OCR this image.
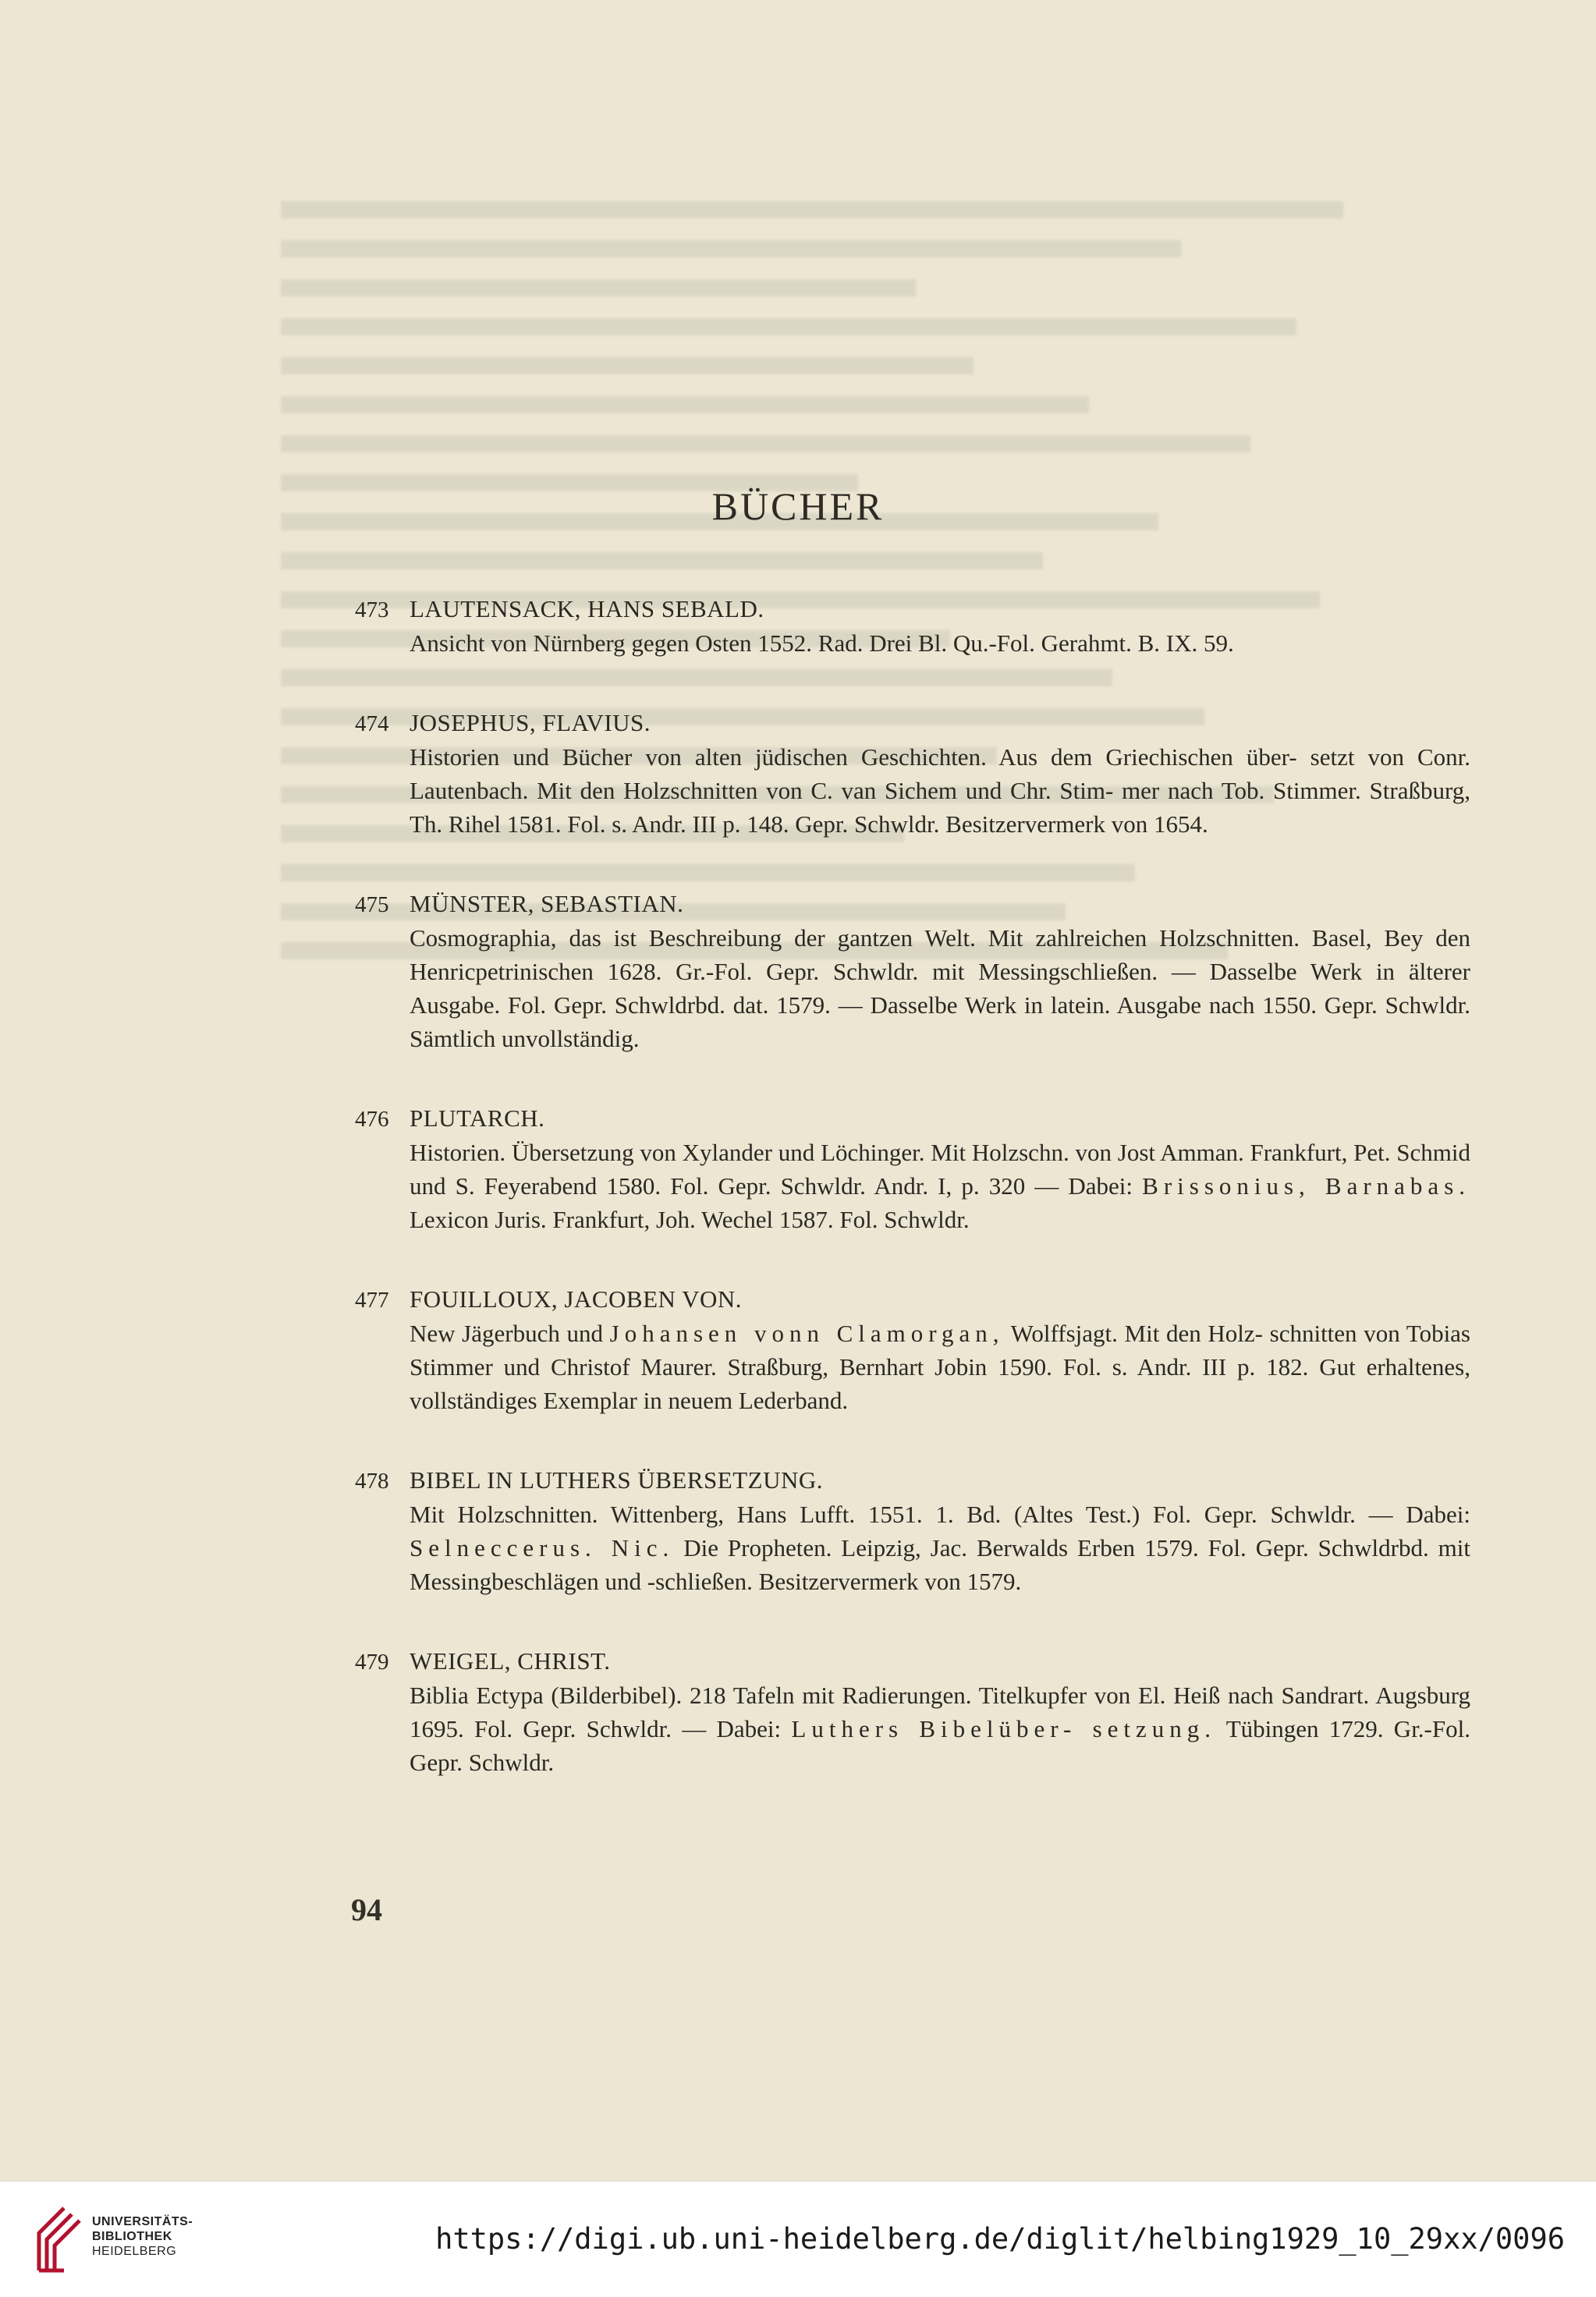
BÜCHER
473 LAUTENSACK, HANS SEBALD.
Ansicht von Nürnberg gegen Osten 1552. Rad. Drei Bl. Qu.-Fol. Gerahmt. B. IX. 59.
474 JOSEPHUS, FLAVIUS.
Historien und Bücher von alten jüdischen Geschichten. Aus dem Griechischen über- setzt von Conr. Lautenbach. Mit den Holzschnitten von C. van Sichem und Chr. Stim- mer nach Tob. Stimmer. Straßburg, Th. Rihel 1581. Fol. s. Andr. III p. 148. Gepr. Schwldr. Besitzervermerk von 1654.
475 MÜNSTER, SEBASTIAN.
Cosmographia, das ist Beschreibung der gantzen Welt. Mit zahlreichen Holzschnitten. Basel, Bey den Henricpetrinischen 1628. Gr.-Fol. Gepr. Schwldr. mit Messingschließen. — Dasselbe Werk in älterer Ausgabe. Fol. Gepr. Schwldrbd. dat. 1579. — Dasselbe Werk in latein. Ausgabe nach 1550. Gepr. Schwldr. Sämtlich unvollständig.
476 PLUTARCH.
Historien. Übersetzung von Xylander und Löchinger. Mit Holzschn. von Jost Amman. Frankfurt, Pet. Schmid und S. Feyerabend 1580. Fol. Gepr. Schwldr. Andr. I, p. 320 — Dabei: Brissonius, Barnabas. Lexicon Juris. Frankfurt, Joh. Wechel 1587. Fol. Schwldr.
477 FOUILLOUX, JACOBEN VON.
New Jägerbuch und Johansen vonn Clamorgan, Wolffsjagt. Mit den Holz- schnitten von Tobias Stimmer und Christof Maurer. Straßburg, Bernhart Jobin 1590. Fol. s. Andr. III p. 182. Gut erhaltenes, vollständiges Exemplar in neuem Lederband.
478 BIBEL IN LUTHERS ÜBERSETZUNG.
Mit Holzschnitten. Wittenberg, Hans Lufft. 1551. 1. Bd. (Altes Test.) Fol. Gepr. Schwldr. — Dabei: Selneccerus. Nic. Die Propheten. Leipzig, Jac. Berwalds Erben 1579. Fol. Gepr. Schwldrbd. mit Messingbeschlägen und -schließen. Besitzervermerk von 1579.
479 WEIGEL, CHRIST.
Biblia Ectypa (Bilderbibel). 218 Tafeln mit Radierungen. Titelkupfer von El. Heiß nach Sandrart. Augsburg 1695. Fol. Gepr. Schwldr. — Dabei: Luthers Bibelüber- setzung. Tübingen 1729. Gr.-Fol. Gepr. Schwldr.
94
UNIVERSITÄTS-
BIBLIOTHEK
HEIDELBERG	https://digi.ub.uni-heidelberg.de/diglit/helbing1929_10_29xx/0096
